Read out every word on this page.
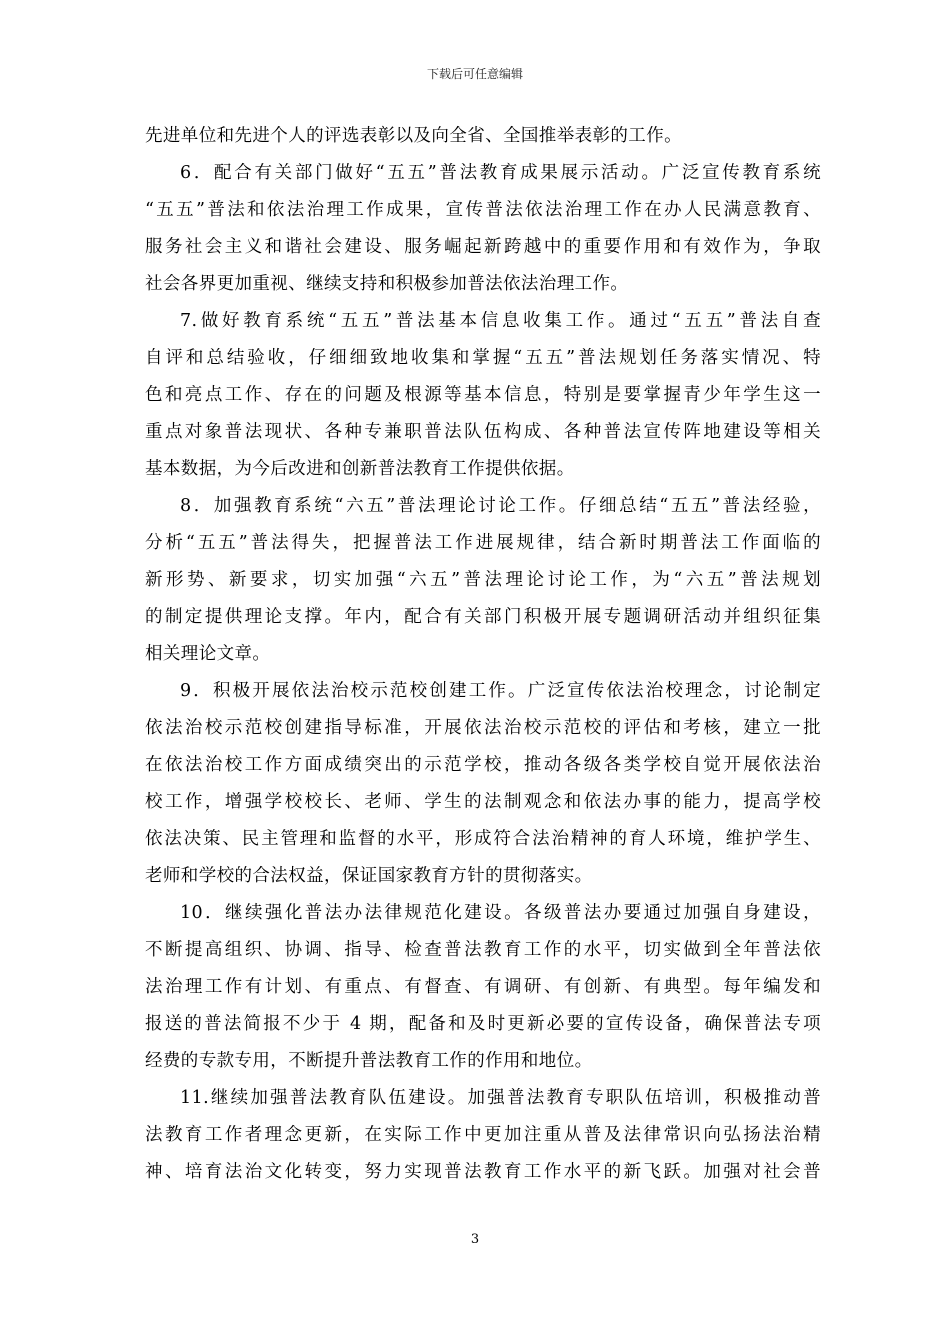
下载后可任意编辑
先进单位和先进个人的评选表彰以及向全省、全国推举表彰的工作。
6．配合有关部门做好“五五”普法教育成果展示活动。广泛宣传教育系统
“五五”普法和依法治理工作成果，宣传普法依法治理工作在办人民满意教育、
服务社会主义和谐社会建设、服务崛起新跨越中的重要作用和有效作为，争取
社会各界更加重视、继续支持和积极参加普法依法治理工作。
7.做好教育系统“五五”普法基本信息收集工作。通过“五五”普法自查
自评和总结验收，仔细细致地收集和掌握“五五”普法规划任务落实情况、特
色和亮点工作、存在的问题及根源等基本信息，特别是要掌握青少年学生这一
重点对象普法现状、各种专兼职普法队伍构成、各种普法宣传阵地建设等相关
基本数据，为今后改进和创新普法教育工作提供依据。
8．加强教育系统“六五”普法理论讨论工作。仔细总结“五五”普法经验，
分析“五五”普法得失，把握普法工作进展规律，结合新时期普法工作面临的
新形势、新要求，切实加强“六五”普法理论讨论工作，为“六五”普法规划
的制定提供理论支撑。年内，配合有关部门积极开展专题调研活动并组织征集
相关理论文章。
9．积极开展依法治校示范校创建工作。广泛宣传依法治校理念，讨论制定
依法治校示范校创建指导标准，开展依法治校示范校的评估和考核，建立一批
在依法治校工作方面成绩突出的示范学校，推动各级各类学校自觉开展依法治
校工作，增强学校校长、老师、学生的法制观念和依法办事的能力，提高学校
依法决策、民主管理和监督的水平，形成符合法治精神的育人环境，维护学生、
老师和学校的合法权益，保证国家教育方针的贯彻落实。
10．继续强化普法办法律规范化建设。各级普法办要通过加强自身建设，
不断提高组织、协调、指导、检查普法教育工作的水平，切实做到全年普法依
法治理工作有计划、有重点、有督查、有调研、有创新、有典型。每年编发和
报送的普法简报不少于 4 期，配备和及时更新必要的宣传设备，确保普法专项
经费的专款专用，不断提升普法教育工作的作用和地位。
11.继续加强普法教育队伍建设。加强普法教育专职队伍培训，积极推动普
法教育工作者理念更新，在实际工作中更加注重从普及法律常识向弘扬法治精
神、培育法治文化转变，努力实现普法教育工作水平的新飞跃。加强对社会普
3
